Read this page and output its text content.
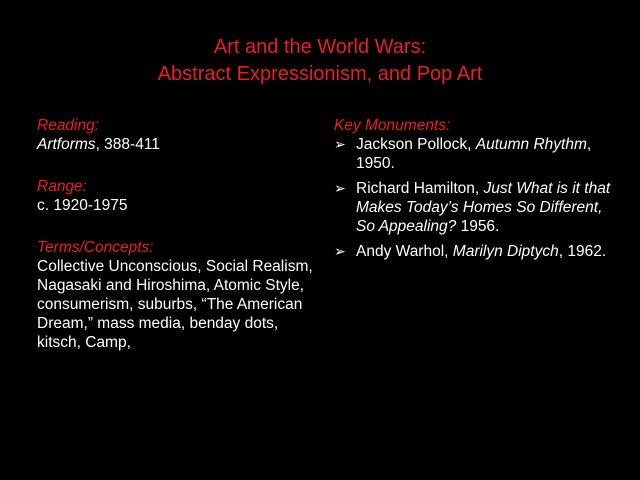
Art and the World Wars:
Abstract Expressionism, and Pop Art
Reading:
Artforms, 388-411
Range:
c. 1920-1975
Terms/Concepts:
Collective Unconscious, Social Realism, Nagasaki and Hiroshima, Atomic Style, consumerism, suburbs, “The American Dream,” mass media, benday dots, kitsch, Camp,
Key Monuments:
➢ Jackson Pollock, Autumn Rhythm, 1950.
➢ Richard Hamilton, Just What is it that Makes Today’s Homes So Different, So Appealing? 1956.
➢ Andy Warhol, Marilyn Diptych, 1962.
